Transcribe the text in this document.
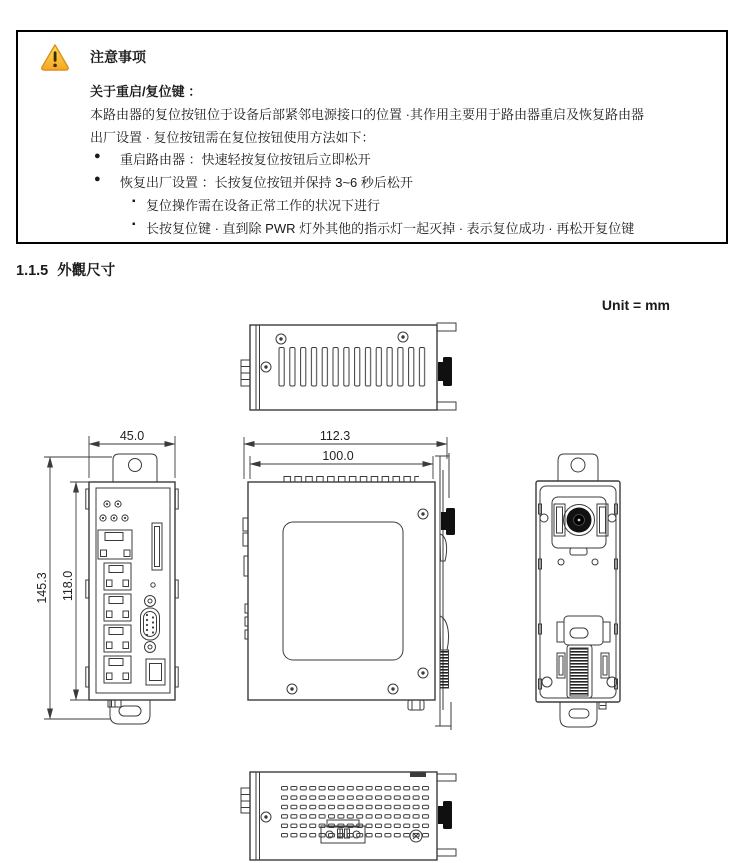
注意事项
关于重启/复位键 ：
本路由器的复位按钮位于设备后部紧邻电源接口的位置 ·其作用主要用于路由器重启及恢复路由器
出厂设置 · 复位按钮需在复位按钮使用方法如下：
● 重启路由器 ：快速轻按复位按钮后立即松开
● 恢复出厂设置 ：长按复位按钮并保持 3~6 秒后松开
▪ 复位操作需在设备正常工作的状况下进行
▪ 长按复位键 · 直到除 PWR 灯外其他的指示灯一起灭掉 · 表示复位成功 · 再松开复位键
1.1.5 外觀尺寸
Unit = mm
45.0
145.3 118.0
112.3
100.0
